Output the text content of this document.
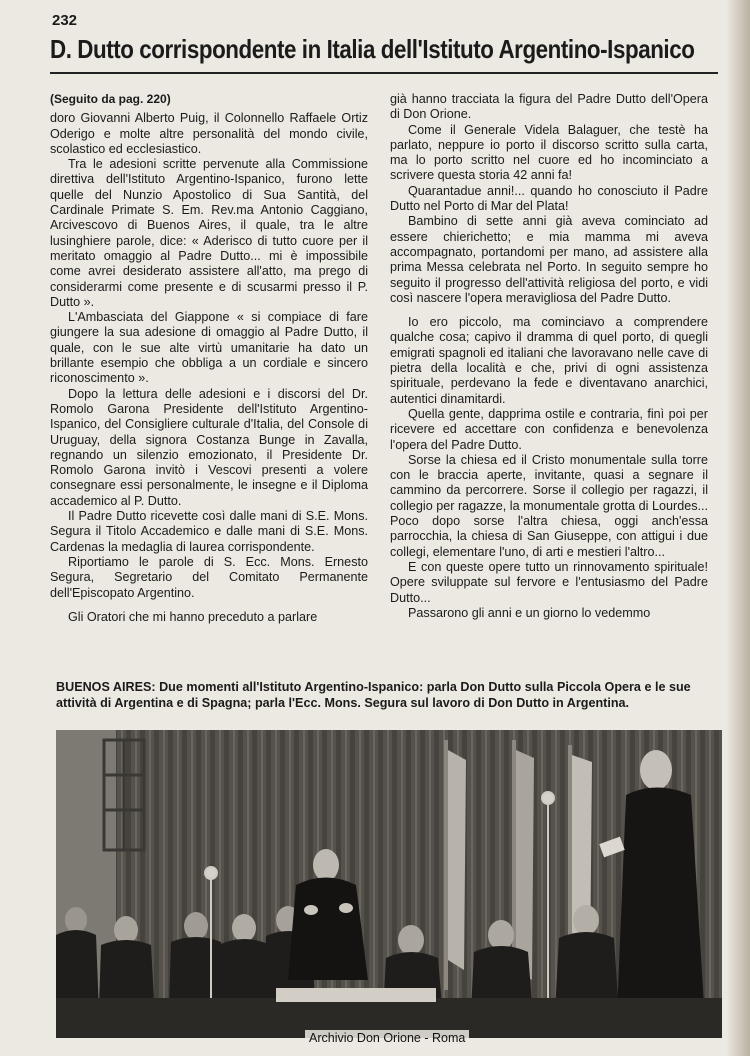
232
D. Dutto corrispondente in Italia dell'Istituto Argentino-Ispanico

(Seguito da pag. 220)

doro Giovanni Alberto Puig, il Colonnello Raffaele Ortiz Oderigo e molte altre personalità del mondo civile, scolastico ed ecclesiastico.

Tra le adesioni scritte pervenute alla Commissione direttiva dell'Istituto Argentino-Ispanico, furono lette quelle del Nunzio Apostolico di Sua Santità, del Cardinale Primate S. Em. Rev.ma Antonio Caggiano, Arcivescovo di Buenos Aires, il quale, tra le altre lusinghiere parole, dice: « Aderisco di tutto cuore per il meritato omaggio al Padre Dutto... mi è impossibile come avrei desiderato assistere all'atto, ma prego di considerarmi come presente e di scusarmi presso il P. Dutto ».

L'Ambasciata del Giappone « si compiace di fare giungere la sua adesione di omaggio al Padre Dutto, il quale, con le sue alte virtù umanitarie ha dato un brillante esempio che obbliga a un cordiale e sincero riconoscimento ».

Dopo la lettura delle adesioni e i discorsi del Dr. Romolo Garona Presidente dell'Istituto Argentino-Ispanico, del Consigliere culturale d'Italia, del Console di Uruguay, della signora Costanza Bunge in Zavalla, regnando un silenzio emozionato, il Presidente Dr. Romolo Garona invitò i Vescovi presenti a volere consegnare essi personalmente, le insegne e il Diploma accademico al P. Dutto.

Il Padre Dutto ricevette così dalle mani di S.E. Mons. Segura il Titolo Accademico e dalle mani di S.E. Mons. Cardenas la medaglia di laurea corrispondente.

Riportiamo le parole di S. Ecc. Mons. Ernesto Segura, Segretario del Comitato Permanente dell'Episcopato Argentino.

Gli Oratori che mi hanno preceduto a parlare

già hanno tracciata la figura del Padre Dutto dell'Opera di Don Orione.

Come il Generale Videla Balaguer, che testè ha parlato, neppure io porto il discorso scritto sulla carta, ma lo porto scritto nel cuore ed ho incominciato a scrivere questa storia 42 anni fa!

Quarantadue anni!... quando ho conosciuto il Padre Dutto nel Porto di Mar del Plata!

Bambino di sette anni già aveva cominciato ad essere chierichetto; e mia mamma mi aveva accompagnato, portandomi per mano, ad assistere alla prima Messa celebrata nel Porto. In seguito sempre ho seguito il progresso dell'attività religiosa del porto, e vidi così nascere l'opera meravigliosa del Padre Dutto.

Io ero piccolo, ma cominciavo a comprendere qualche cosa; capivo il dramma di quel porto, di quegli emigrati spagnoli ed italiani che lavoravano nelle cave di pietra della località e che, privi di ogni assistenza spirituale, perdevano la fede e diventavano anarchici, autentici dinamitardi.

Quella gente, dapprima ostile e contraria, finì poi per ricevere ed accettare con confidenza e benevolenza l'opera del Padre Dutto.

Sorse la chiesa ed il Cristo monumentale sulla torre con le braccia aperte, invitante, quasi a segnare il cammino da percorrere. Sorse il collegio per ragazzi, il collegio per ragazze, la monumentale grotta di Lourdes... Poco dopo sorse l'altra chiesa, oggi anch'essa parrocchia, la chiesa di San Giuseppe, con attigui i due collegi, elementare l'uno, di arti e mestieri l'altro...

E con queste opere tutto un rinnovamento spirituale! Opere sviluppate sul fervore e l'entusiasmo del Padre Dutto...

Passarono gli anni e un giorno lo vedemmo

BUENOS AIRES: Due momenti all'Istituto Argentino-Ispanico: parla Don Dutto sulla Piccola Opera e le sue attività di Argentina e di Spagna; parla l'Ecc. Mons. Segura sul lavoro di Don Dutto in Argentina.
Archivio Don Orione - Roma
